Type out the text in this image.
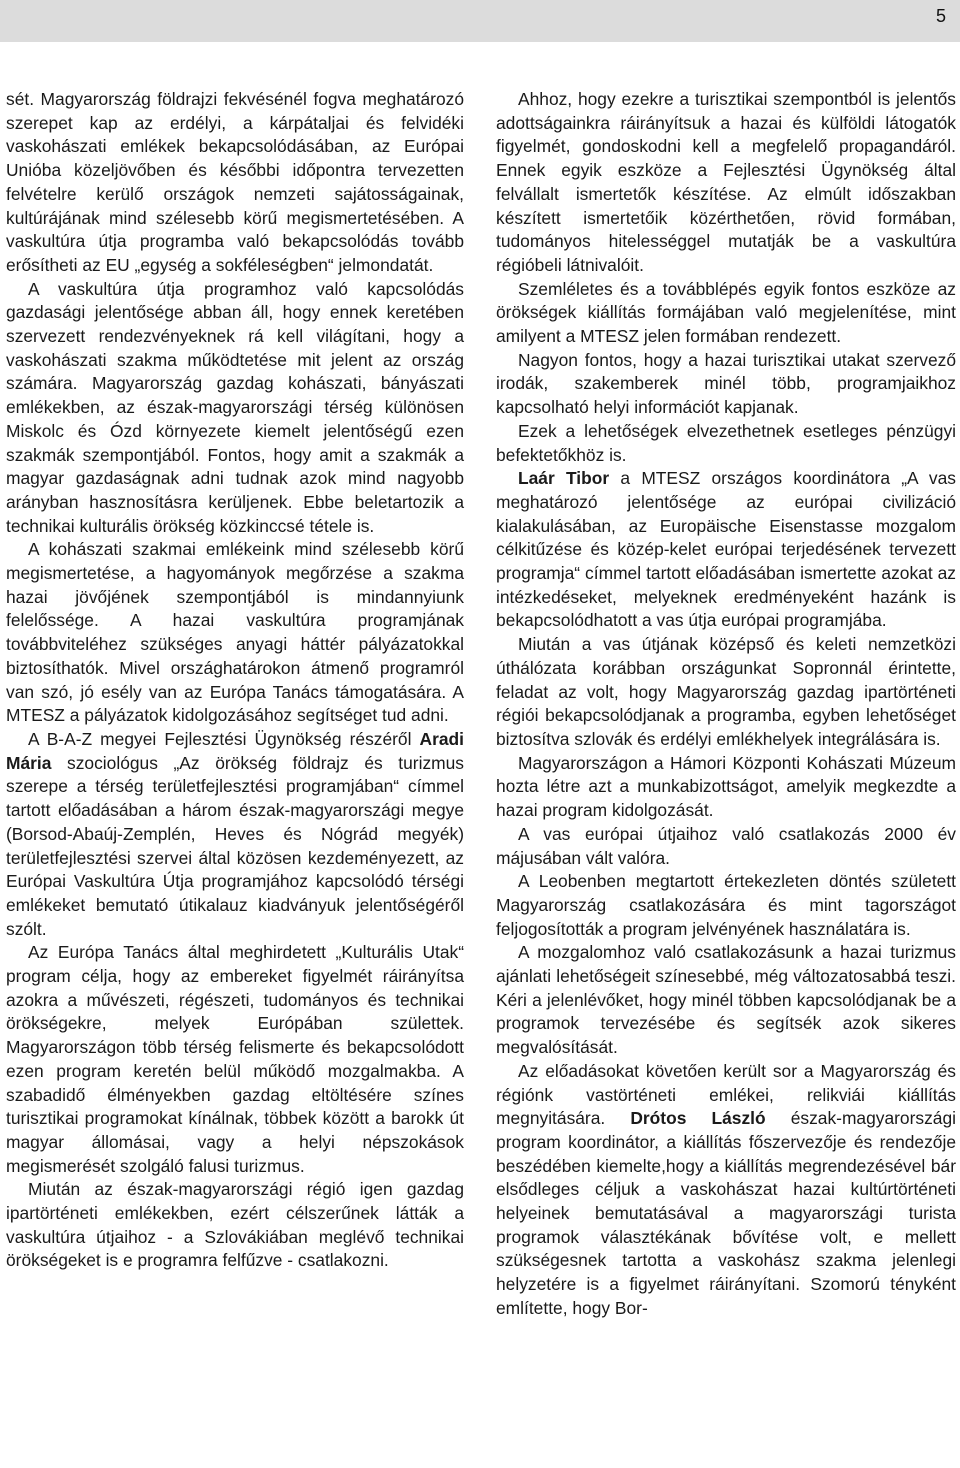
5

sét. Magyarország földrajzi fekvésénél fogva meghatározó szerepet kap az erdélyi, a kárpátaljai és felvidéki vaskohászati emlékek bekapcsolódásában, az Európai Unióba közeljövőben és későbbi időpontra tervezetten felvételre kerülő országok nemzeti sajátosságainak, kultúrájának mind szélesebb körű megismertetésében. A vaskultúra útja programba való bekapcsolódás tovább erősítheti az EU „egység a sokféleségben“ jelmondatát.

A vaskultúra útja programhoz való kapcsolódás gazdasági jelentősége abban áll, hogy ennek keretében szervezett rendezvényeknek rá kell világítani, hogy a vaskohászati szakma működtetése mit jelent az ország számára. Magyarország gazdag kohászati, bányászati emlékekben, az észak-magyarországi térség különösen Miskolc és Ózd környezete kiemelt jelentőségű ezen szakmák szempontjából. Fontos, hogy amit a szakmák a magyar gazdaságnak adni tudnak azok mind nagyobb arányban hasznosításra kerüljenek. Ebbe beletartozik a technikai kulturális örökség közkinccsé tétele is.

A kohászati szakmai emlékeink mind szélesebb körű megismertetése, a hagyományok megőrzése a szakma hazai jövőjének szempontjából is mindannyiunk felelőssége. A hazai vaskultúra programjának továbbviteléhez szükséges anyagi háttér pályázatokkal biztosíthatók. Mivel országhatárokon átmenő programról van szó, jó esély van az Európa Tanács támogatására. A MTESZ a pályázatok kidolgozásához segítséget tud adni.

A B-A-Z megyei Fejlesztési Ügynökség részéről Aradi Mária szociológus „Az örökség földrajz és turizmus szerepe a térség területfejlesztési programjában“ címmel tartott előadásában a három észak-magyarországi megye (Borsod-Abaúj-Zemplén, Heves és Nógrád megyék) területfejlesztési szervei által közösen kezdeményezett, az Európai Vaskultúra Útja programjához kapcsolódó térségi emlékeket bemutató útikalauz kiadványuk jelentőségéről szólt.

Az Európa Tanács által meghirdetett „Kulturális Utak“ program célja, hogy az embereket figyelmét ráirányítsa azokra a művészeti, régészeti, tudományos és technikai örökségekre, melyek Európában születtek. Magyarországon több térség felismerte és bekapcsolódott ezen program keretén belül működő mozgalmakba. A szabadidő élményekben gazdag eltöltésére színes turisztikai programokat kínálnak, többek között a barokk út magyar állomásai, vagy a helyi népszokások megismerését szolgáló falusi turizmus.

Miután az észak-magyarországi régió igen gazdag ipartörténeti emlékekben, ezért célszerűnek látták a vaskultúra útjaihoz - a Szlovákiában meglévő technikai örökségeket is e programra felfűzve - csatlakozni.

Ahhoz, hogy ezekre a turisztikai szempontból is jelentős adottságainkra ráirányítsuk a hazai és külföldi látogatók figyelmét, gondoskodni kell a megfelelő propagandáról. Ennek egyik eszköze a Fejlesztési Ügynökség által felvállalt ismertetők készítése. Az elmúlt időszakban készített ismertetőik közérthetően, rövid formában, tudományos hitelességgel mutatják be a vaskultúra régióbeli látnivalóit.

Szemléletes és a továbblépés egyik fontos eszköze az örökségek kiállítás formájában való megjelenítése, mint amilyent a MTESZ jelen formában rendezett.

Nagyon fontos, hogy a hazai turisztikai utakat szervező irodák, szakemberek minél több, programjaikhoz kapcsolható helyi információt kapjanak.

Ezek a lehetőségek elvezethetnek esetleges pénzügyi befektetőkhöz is.

Laár Tibor a MTESZ országos koordinátora „A vas meghatározó jelentősége az európai civilizáció kialakulásában, az Europäische Eisenstasse mozgalom célkitűzése és közép-kelet európai terjedésének tervezett programja“ címmel tartott előadásában ismertette azokat az intézkedéseket, melyeknek eredményeként hazánk is bekapcsolódhatott a vas útja európai programjába.

Miután a vas útjának középső és keleti nemzetközi úthálózata korábban országunkat Sopronnál érintette, feladat az volt, hogy Magyarország gazdag ipartörténeti régiói bekapcsolódjanak a programba, egyben lehetőséget biztosítva szlovák és erdélyi emlékhelyek integrálására is.

Magyarországon a Hámori Központi Kohászati Múzeum hozta létre azt a munkabizottságot, amelyik megkezdte a hazai program kidolgozását.

A vas európai útjaihoz való csatlakozás 2000 év májusában vált valóra.

A Leobenben megtartott értekezleten döntés született Magyarország csatlakozására és mint tagországot feljogosították a program jelvényének használatára is.

A mozgalomhoz való csatlakozásunk a hazai turizmus ajánlati lehetőségeit színesebbé, még változatosabbá teszi. Kéri a jelenlévőket, hogy minél többen kapcsolódjanak be a programok tervezésébe és segítsék azok sikeres megvalósítását.

Az előadásokat követően került sor a Magyarország és régiónk vastörténeti emlékei, relikviái kiállítás megnyitására. Drótos László észak-magyarországi program koordinátor, a kiállítás főszervezője és rendezője beszédében kiemelte,hogy a kiállítás megrendezésével bár elsődleges céljuk a vaskohászat hazai kultúrtörténeti helyeinek bemutatásával a magyarországi turista programok választékának bővítése volt, e mellett szükségesnek tartotta a vaskohász szakma jelenlegi helyzetére is a figyelmet ráirányítani. Szomorú tényként említette, hogy Bor-
